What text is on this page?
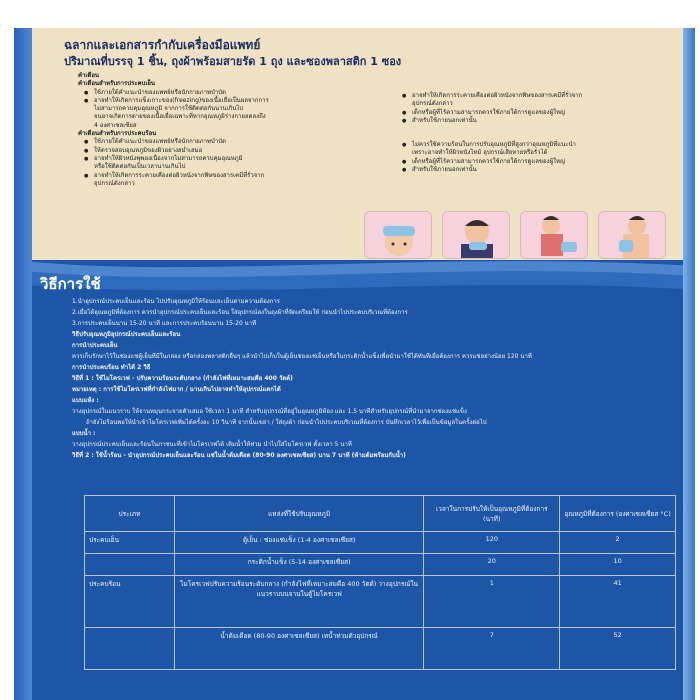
ฉลากและเอกสารกำกับเครื่องมือแพทย์
ปริมาณที่บรรจุ 1 ชิ้น, ถุงผ้าพร้อมสายรัด 1 ถุง และซองพลาสติก 1 ซอง
คำเตือน
คำเตือนสำหรับการประคบเย็น
● ใช้ภายใต้คำแนะนำของแพทย์หรือนักกายภาพบำบัด
● อาจทำให้เกิดการแข็งเกาะของ(freezing)ของเนื้อเยื่อเป็นผลจากการ
ไม่สามารถควบคุมอุณหภูมิ จากการใช้ติดต่อกันนานเกินไป
จนอาจเกิดการตายของเนื้อเยื่อเฉพาะที่หากอุณหภูมิร่างกายลดลงถึง
4 องศาเซลเซียส
คำเตือนสำหรับการประคบร้อน
● ใช้ภายใต้คำแนะนำของแพทย์หรือนักกายภาพบำบัด
● ให้ตรวจสอบอุณหภูมิของผิวอย่างสม่ำเสมอ
● อาจทำให้ผิวหนังพุพองเนื่องจากไม่สามารถควบคุมอุณหภูมิ
หรือใช้ติดต่อกันเป็นเวลานานเกินไป
● อาจทำให้เกิดการระคายเคืองต่อผิวหนังจากพิษของสารเคมีที่รั่วจาก
อุปกรณ์ดังกล่าว
● อาจทำให้เกิดการระคายเคืองต่อผิวหนังจากพิษของสารเคมีที่รั่วจาก
อุปกรณ์ดังกล่าว
● เด็กหรือผู้ที่ไร้ความสามารถควรใช้ภายใต้การดูแลของผู้ใหญ่
● สำหรับใช้ภายนอกเท่านั้น
● ไม่ควรใช้ความร้อนในการปรับอุณหภูมิที่สูงกว่าอุณหภูมิที่แนะนำ
เพราะอาจทำให้ผิวหนังไหม้ อุปกรณ์เสียหายหรือรั่วได้
● เด็กหรือผู้ที่ไร้ความสามารถควรใช้ภายใต้การดูแลของผู้ใหญ่
● สำหรับใช้ภายนอกเท่านั้น
วิธีการใช้
1.นำอุปกรณ์ประคบเย็นและร้อน ไปปรับอุณหภูมิให้ร้อนและเย็นตามความต้องการ
2.เมื่อได้อุณหภูมิที่ต้องการ ควรนำอุปกรณ์ประคบเย็นและร้อน ใส่อุปกรณ์ลงในถุงผ้าที่จัดเตรียมให้ ก่อนนำไปประคบบริเวณที่ต้องการ
3.การประคบเย็นนาน 15-20 นาที และการประคบร้อนนาน 15-20 นาที
วิธีปรับอุณหภูมิอุปกรณ์ประคบเย็นและร้อน
การนำประคบเย็น
ควรเก็บรักษาไว้ในช่องแช่ตู้เย็นที่มีในกล่อง หรือกล่องพลาสติกอื่นๆ แล้วนำไปเก็บในตู้เย็นช่องแช่เย็นหรือในกระติกน้ำแข็งเพื่อนำมาใช้ได้ทันทีเมื่อต้องการ ควรแช่อย่างน้อย 120 นาที
การนำประคบร้อน ทำได้ 2 วิธี
วิธีที่ 1 : ใช้ไมโครเวฟ - ปรับความร้อนระดับกลาง (กำลังไฟที่เหมาะสมคือ 400 วัตต์)
หมายเหตุ : การใช้ไมโครเวฟที่กำลังไฟมาก / นานเกินไปอาจทำให้อุปกรณ์แตกได้
แบบแห้ง :
วางอุปกรณ์ในแนวราบ ให้จานหมุนกระจายตัวเสมอ ใช้เวลา 1 นาที สำหรับอุปกรณ์ที่อยู่ในอุณหภูมิห้อง และ 1.5 นาทีสำหรับอุปกรณ์ที่นำมาจากช่องแช่แข็ง
ถ้ายังไม่ร้อนพอให้นำเข้าไมโครเวฟเพิ่มได้ครั้งละ 10 วินาที จากนั้นเขย่า / ใส่ถุงผ้า ก่อนนำไปประคบบริเวณที่ต้องการ บันทึกเวลาไว้เพื่อเป็นข้อมูลในครั้งต่อไป
แบบน้ำ :
วางอุปกรณ์ประคบเย็นและร้อนในภาชนะที่เข้าไมโครเวฟได้ เติมน้ำให้ท่วม นำไปใส่ไมโครเวฟ ตั้งเวลา 5 นาที
วิธีที่ 2 : ใช้น้ำร้อน - นำอุปกรณ์ประคบเย็นและร้อน แช่ในน้ำต้มเดือด (80-90 องศาเซลเซียส) นาน 7 นาที (ห้ามต้มพร้อมกับน้ำ)
ประเภท	แหล่งที่ใช้ปรับอุณหภูมิ	เวลาในการปรับให้เป็นอุณหภูมิที่ต้องการ (นาที)	อุณหภูมิที่ต้องการ (องศาเซลเซียส °C)
ประคบเย็น	ตู้เย็น : ช่องแช่แข็ง (1-4 องศาเซลเซียส)	120	2
	กระติกน้ำแข็ง (5-14 องศาเซลเซียส)	20	10
ประคบร้อน	ไมโครเวฟปรับความร้อนระดับกลาง (กำลังไฟที่เหมาะสมคือ 400 วัตต์) วางอุปกรณ์ในแนวราบบนจานในตู้ไมโครเวฟ	1	41
	น้ำต้มเดือด (80-90 องศาเซลเซียส) เทน้ำท่วมตัวอุปกรณ์	7	52
